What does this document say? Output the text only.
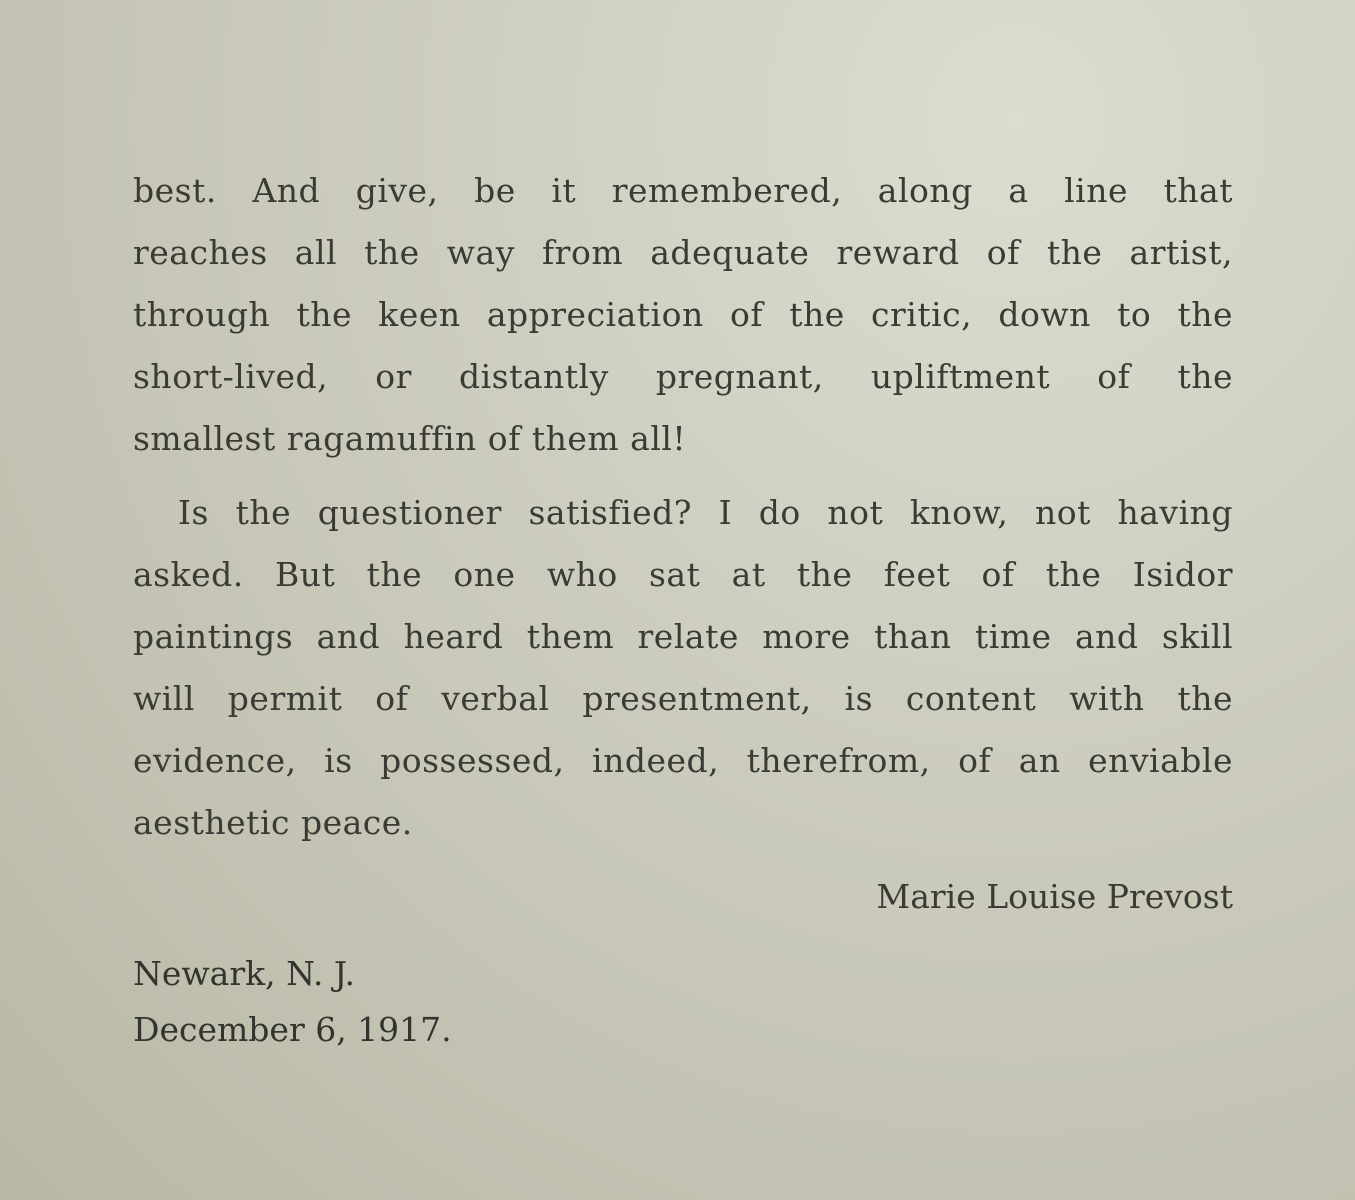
best. And give, be it remembered, along a line that
reaches all the way from adequate reward of the artist,
through the keen appreciation of the critic, down to the
short-lived, or distantly pregnant, upliftment of the
smallest ragamuffin of them all!
Is the questioner satisfied? I do not know, not having
asked. But the one who sat at the feet of the Isidor
paintings and heard them relate more than time and skill
will permit of verbal presentment, is content with the
evidence, is possessed, indeed, therefrom, of an enviable
aesthetic peace.
Marie Louise Prevost
Newark, N. J.
December 6, 1917.
